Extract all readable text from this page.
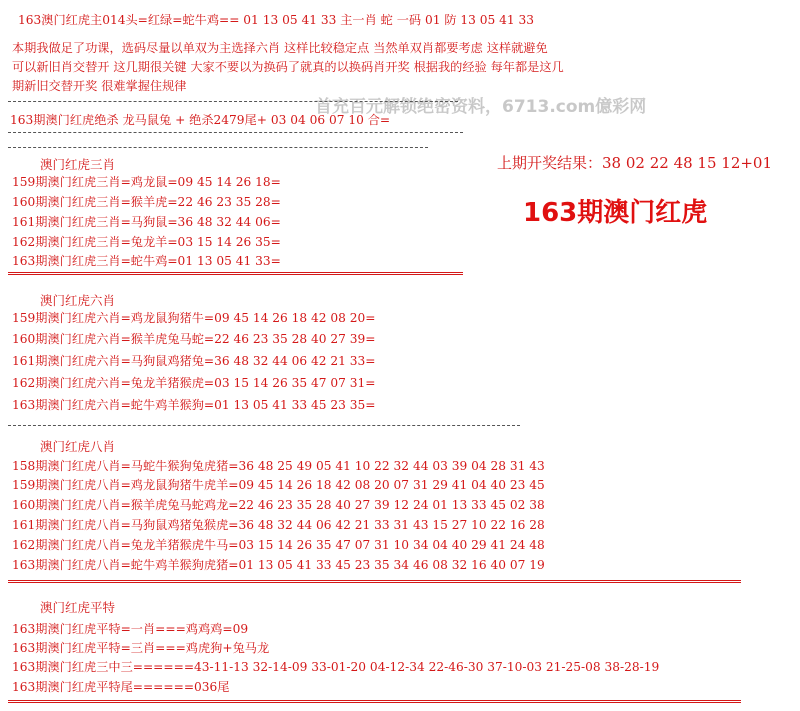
163澳门红虎主014头=红绿=蛇牛鸡== 01 13 05 41 33 主一肖 蛇 一码 01 防 13 05 41 33
本期我做足了功课，选码尽量以单双为主选择六肖 这样比较稳定点 当然单双肖都要考虑 这样就避免
可以新旧肖交替开 这几期很关键 大家不要以为换码了就真的以换码肖开奖 根据我的经验 每年都是这几
期新旧交替开奖 很难掌握住规律
首充百元解锁绝密资料，6713.com億彩网
163期澳门红虎绝杀 龙马鼠兔 + 绝杀2479尾+ 03 04 06 07 10 合=
上期开奖结果：38 02 22 48 15 12+01
163期澳门红虎
澳门红虎三肖
159期澳门红虎三肖=鸡龙鼠=09 45 14 26 18=
160期澳门红虎三肖=猴羊虎=22 46 23 35 28=
161期澳门红虎三肖=马狗鼠=36 48 32 44 06=
162期澳门红虎三肖=兔龙羊=03 15 14 26 35=
163期澳门红虎三肖=蛇牛鸡=01 13 05 41 33=
澳门红虎六肖
159期澳门红虎六肖=鸡龙鼠狗猪牛=09 45 14 26 18 42 08 20=
160期澳门红虎六肖=猴羊虎兔马蛇=22 46 23 35 28 40 27 39=
161期澳门红虎六肖=马狗鼠鸡猪兔=36 48 32 44 06 42 21 33=
162期澳门红虎六肖=兔龙羊猪猴虎=03 15 14 26 35 47 07 31=
163期澳门红虎六肖=蛇牛鸡羊猴狗=01 13 05 41 33 45 23 35=
澳门红虎八肖
158期澳门红虎八肖=马蛇牛猴狗兔虎猪=36 48 25 49 05 41 10 22 32 44 03 39 04 28 31 43
159期澳门红虎八肖=鸡龙鼠狗猪牛虎羊=09 45 14 26 18 42 08 20 07 31 29 41 04 40 23 45
160期澳门红虎八肖=猴羊虎兔马蛇鸡龙=22 46 23 35 28 40 27 39 12 24 01 13 33 45 02 38
161期澳门红虎八肖=马狗鼠鸡猪兔猴虎=36 48 32 44 06 42 21 33 31 43 15 27 10 22 16 28
162期澳门红虎八肖=兔龙羊猪猴虎牛马=03 15 14 26 35 47 07 31 10 34 04 40 29 41 24 48
163期澳门红虎八肖=蛇牛鸡羊猴狗虎猪=01 13 05 41 33 45 23 35 34 46 08 32 16 40 07 19
澳门红虎平特
163期澳门红虎平特=一肖===鸡鸡鸡=09
163期澳门红虎平特=三肖===鸡虎狗+兔马龙
163期澳门红虎三中三======43-11-13 32-14-09 33-01-20 04-12-34 22-46-30 37-10-03 21-25-08 38-28-19
163期澳门红虎平特尾======036尾
